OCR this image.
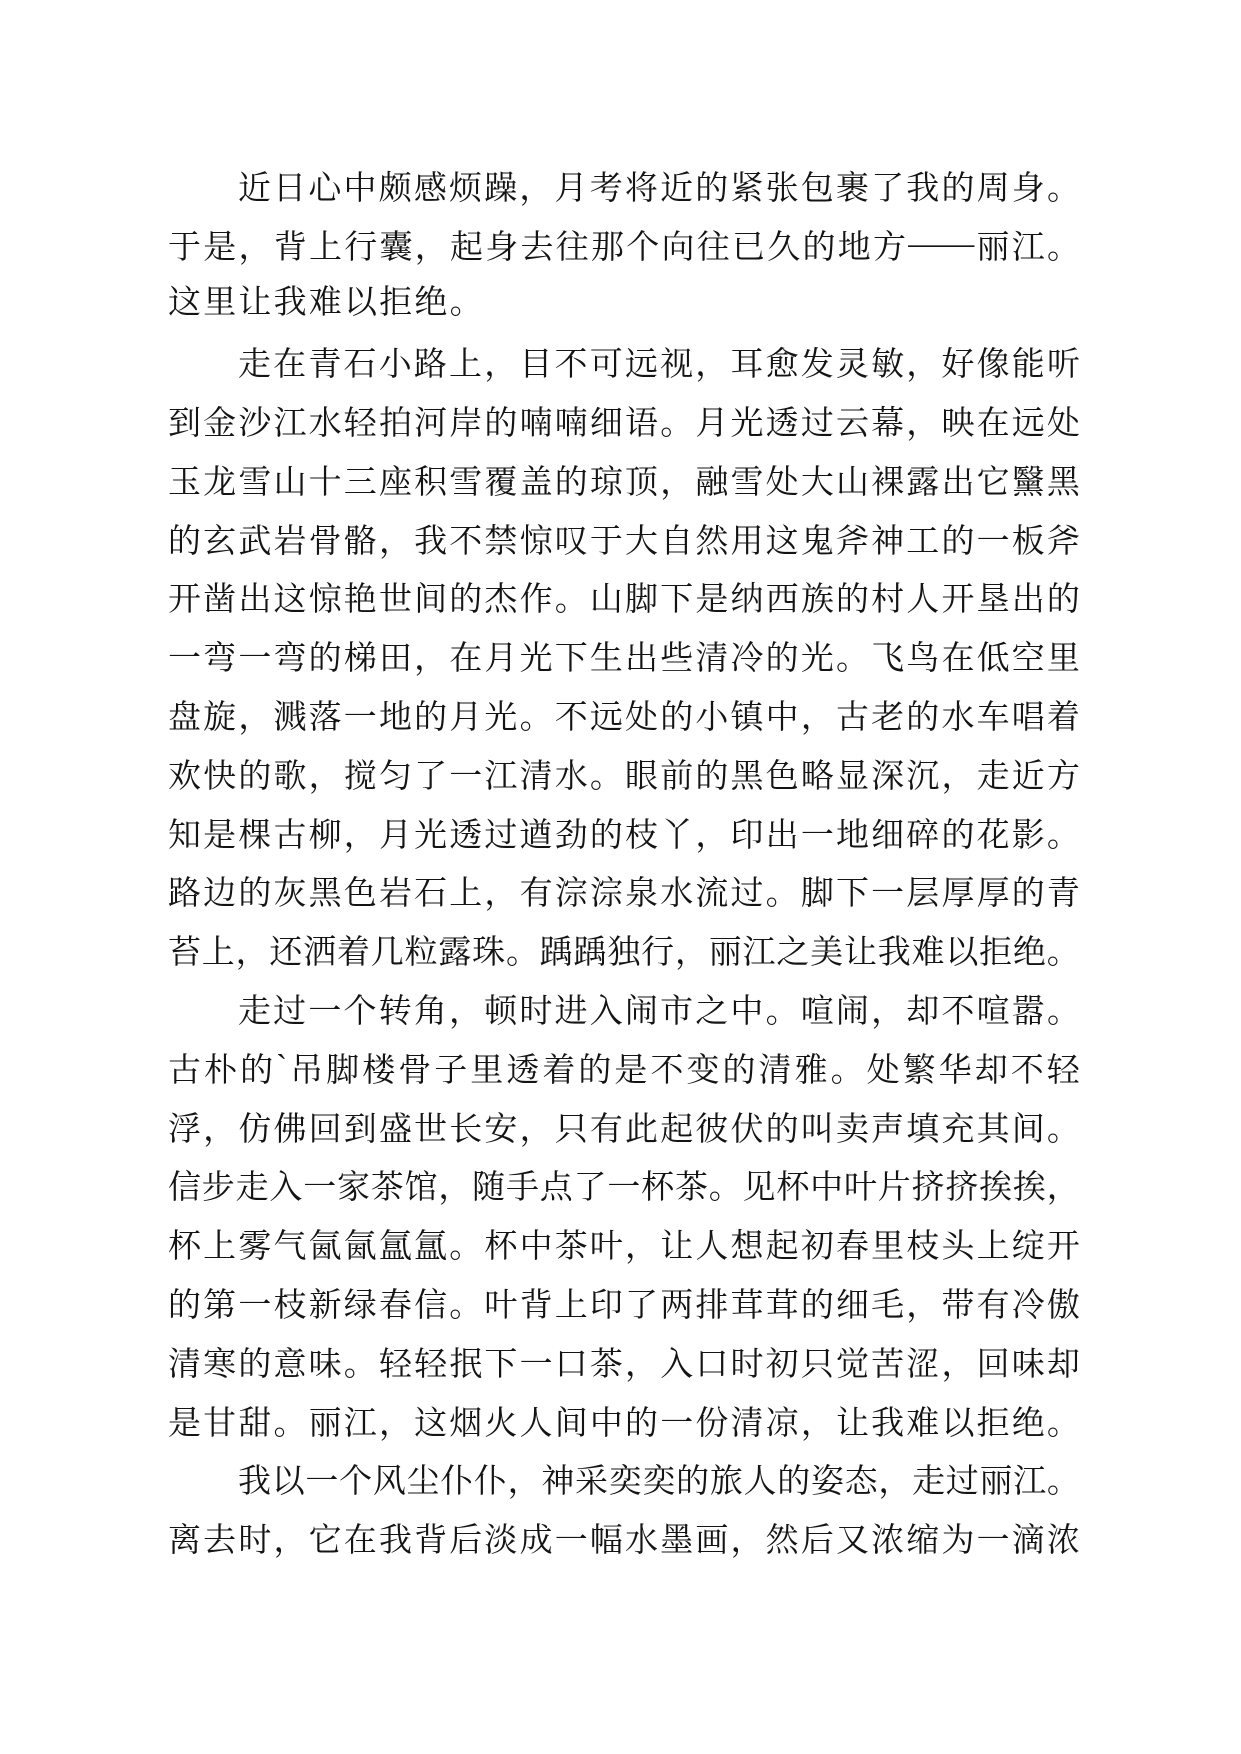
近 日 心 中 颇 感 烦 躁 ， 月 考 将 近 的 紧 张 包 裹 了 我 的 周 身 。
于 是 ， 背 上 行 囊 ， 起 身 去 往 那 个 向 往 已 久 的 地 方 —— 丽 江 。
这里让我难以拒绝。
走 在 青 石 小 路 上 ， 目 不 可 远 视 ， 耳 愈 发 灵 敏 ， 好 像 能 听
到 金 沙 江 水 轻 拍 河 岸 的 喃 喃 细 语 。 月 光 透 过 云 幕 ， 映 在 远 处
玉 龙 雪 山 十 三 座 积 雪 覆 盖 的 琼 顶 ， 融 雪 处 大 山 裸 露 出 它 黳 黑
的 玄 武 岩 骨 骼 ， 我 不 禁 惊 叹 于 大 自 然 用 这 鬼 斧 神 工 的 一 板 斧
开 凿 出 这 惊 艳 世 间 的 杰 作 。 山 脚 下 是 纳 西 族 的 村 人 开 垦 出 的
一 弯 一 弯 的 梯 田 ， 在 月 光 下 生 出 些 清 冷 的 光 。 飞 鸟 在 低 空 里
盘 旋 ， 溅 落 一 地 的 月 光 。 不 远 处 的 小 镇 中 ， 古 老 的 水 车 唱 着
欢 快 的 歌 ， 搅 匀 了 一 江 清 水 。 眼 前 的 黑 色 略 显 深 沉 ， 走 近 方
知 是 棵 古 柳 ， 月 光 透 过 遒 劲 的 枝 丫 ， 印 出 一 地 细 碎 的 花 影 。
路 边 的 灰 黑 色 岩 石 上 ， 有 淙 淙 泉 水 流 过 。 脚 下 一 层 厚 厚 的 青
苔 上 ， 还 洒 着 几 粒 露 珠 。 踽 踽 独 行 ， 丽 江 之 美 让 我 难 以 拒 绝 。
走 过 一 个 转 角 ， 顿 时 进 入 闹 市 之 中 。 喧 闹 ， 却 不 喧 嚣 。
古 朴 的 ` 吊 脚 楼 骨 子 里 透 着 的 是 不 变 的 清 雅 。 处 繁 华 却 不 轻
浮 ， 仿 佛 回 到 盛 世 长 安 ， 只 有 此 起 彼 伏 的 叫 卖 声 填 充 其 间 。
信 步 走 入 一 家 茶 馆 ， 随 手 点 了 一 杯 茶 。 见 杯 中 叶 片 挤 挤 挨 挨 ，
杯 上 雾 气 氤 氤 氲 氲 。 杯 中 茶 叶 ， 让 人 想 起 初 春 里 枝 头 上 绽 开
的 第 一 枝 新 绿 春 信 。 叶 背 上 印 了 两 排 茸 茸 的 细 毛 ， 带 有 冷 傲
清 寒 的 意 味 。 轻 轻 抿 下 一 口 茶 ， 入 口 时 初 只 觉 苦 涩 ， 回 味 却
是 甘 甜 。 丽 江 ， 这 烟 火 人 间 中 的 一 份 清 凉 ， 让 我 难 以 拒 绝 。
我 以 一 个 风 尘 仆 仆 ， 神 采 奕 奕 的 旅 人 的 姿 态 ， 走 过 丽 江 。
离 去 时 ， 它 在 我 背 后 淡 成 一 幅 水 墨 画 ， 然 后 又 浓 缩 为 一 滴 浓
